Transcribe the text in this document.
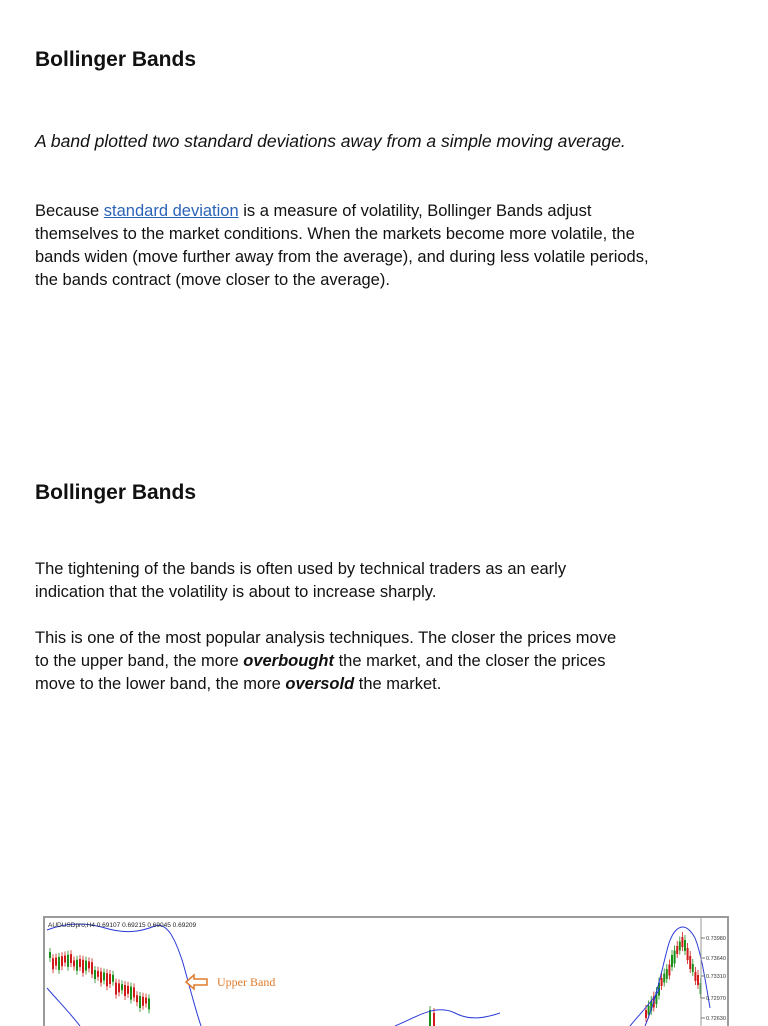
Bollinger Bands

A band plotted two standard deviations away from a simple moving average.

Because standard deviation is a measure of volatility, Bollinger Bands adjust themselves to the market conditions. When the markets become more volatile, the bands widen (move further away from the average), and during less volatile periods, the bands contract (move closer to the average).

Bollinger Bands

The tightening of the bands is often used by technical traders as an early indication that the volatility is about to increase sharply.

This is one of the most popular analysis techniques. The closer the prices move to the upper band, the more overbought the market, and the closer the prices move to the lower band, the more oversold the market.

AUDUSDpro,H4 0.69107 0.69215 0.69045 0.69209
Upper Band
0.73980
0.73640
0.73310
0.72970
0.72630
